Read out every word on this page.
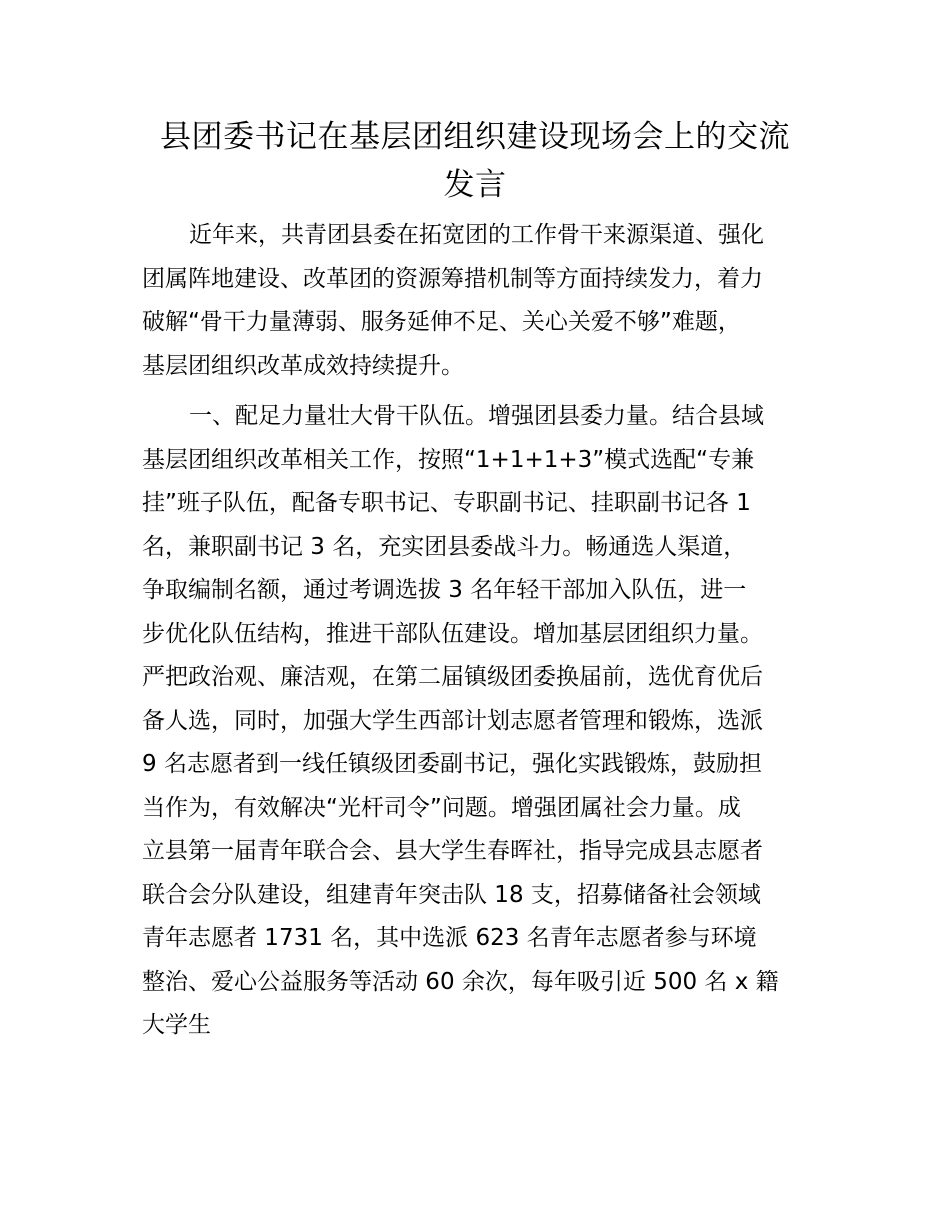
县团委书记在基层团组织建设现场会上的交流
发言
近年来，共青团县委在拓宽团的工作骨干来源渠道、强化
团属阵地建设、改革团的资源筹措机制等方面持续发力，着力
破解“骨干力量薄弱、服务延伸不足、关心关爱不够”难题，
基层团组织改革成效持续提升。
一、配足力量壮大骨干队伍。增强团县委力量。结合县域
基层团组织改革相关工作，按照“1+1+1+3”模式选配“专兼
挂”班子队伍，配备专职书记、专职副书记、挂职副书记各 1
名，兼职副书记 3 名，充实团县委战斗力。畅通选人渠道，
争取编制名额，通过考调选拔 3 名年轻干部加入队伍，进一
步优化队伍结构，推进干部队伍建设。增加基层团组织力量。
严把政治观、廉洁观，在第二届镇级团委换届前，选优育优后
备人选，同时，加强大学生西部计划志愿者管理和锻炼，选派
9 名志愿者到一线任镇级团委副书记，强化实践锻炼，鼓励担
当作为，有效解决“光杆司令”问题。增强团属社会力量。成
立县第一届青年联合会、县大学生春晖社，指导完成县志愿者
联合会分队建设，组建青年突击队 18 支，招募储备社会领域
青年志愿者 1731 名，其中选派 623 名青年志愿者参与环境
整治、爱心公益服务等活动 60 余次，每年吸引近 500 名 x 籍
大学生
